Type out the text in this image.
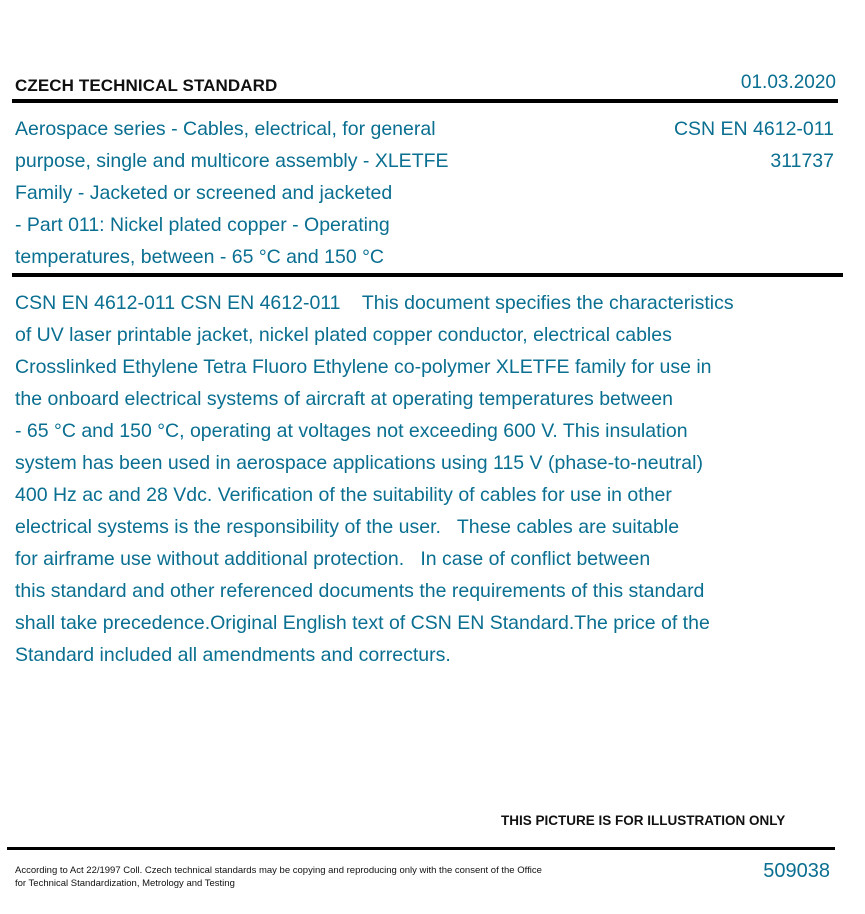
CZECH TECHNICAL STANDARD	01.03.2020
Aerospace series - Cables, electrical, for general
purpose, single and multicore assembly - XLETFE
Family - Jacketed or screened and jacketed
- Part 011: Nickel plated copper - Operating
temperatures, between - 65 °C and 150 °C
CSN EN 4612-011
311737
CSN EN 4612-011 CSN EN 4612-011    This document specifies the characteristics
of UV laser printable jacket, nickel plated copper conductor, electrical cables
Crosslinked Ethylene Tetra Fluoro Ethylene co-polymer XLETFE family for use in
the onboard electrical systems of aircraft at operating temperatures between
- 65 °C and 150 °C, operating at voltages not exceeding 600 V. This insulation
system has been used in aerospace applications using 115 V (phase-to-neutral)
400 Hz ac and 28 Vdc. Verification of the suitability of cables for use in other
electrical systems is the responsibility of the user.   These cables are suitable
for airframe use without additional protection.   In case of conflict between
this standard and other referenced documents the requirements of this standard
shall take precedence.Original English text of CSN EN Standard.The price of the
Standard included all amendments and correcturs.
THIS PICTURE IS FOR ILLUSTRATION ONLY
According to Act 22/1997 Coll. Czech technical standards may be copying and reproducing only with the consent of the Office
for Technical Standardization, Metrology and Testing
509038
